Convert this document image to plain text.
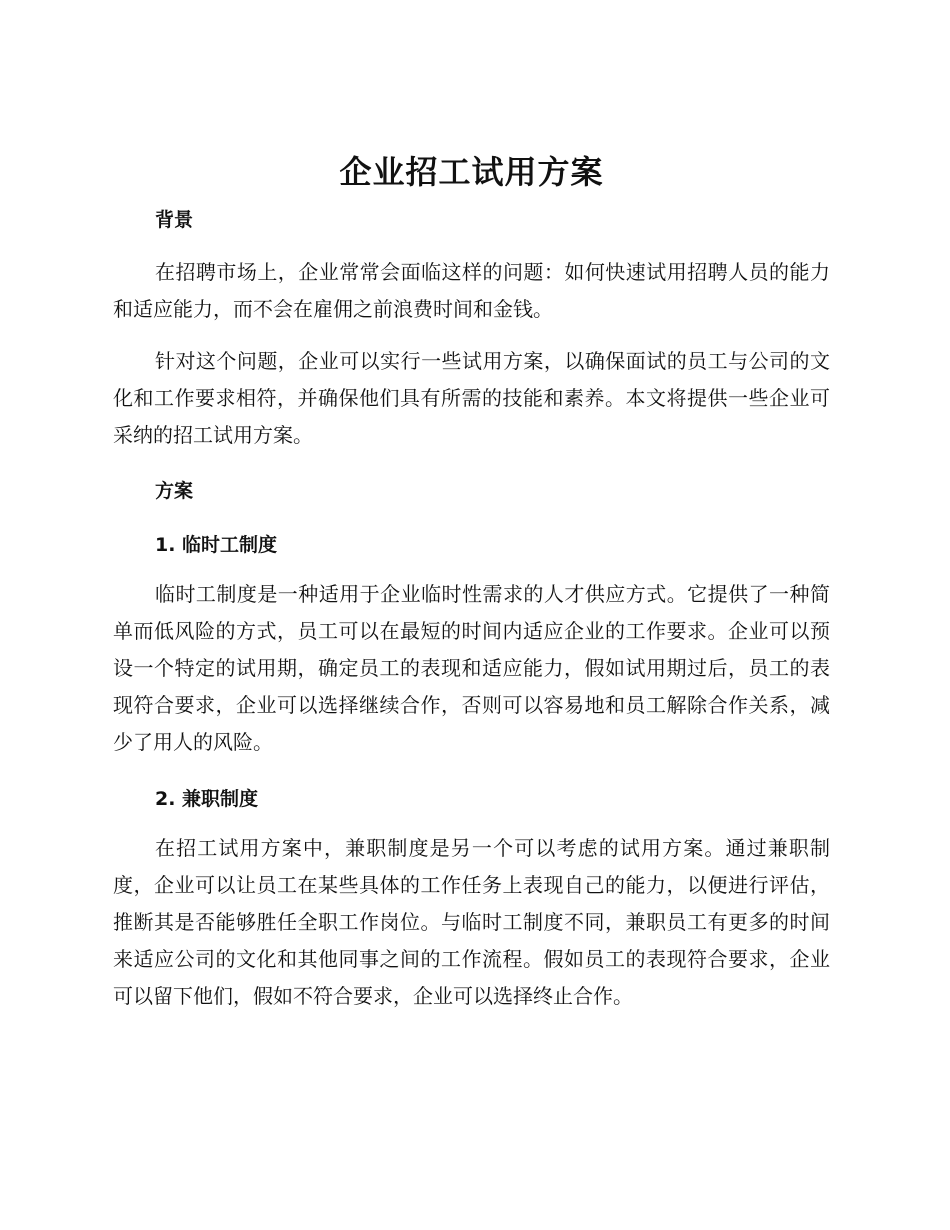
企业招工试用方案
背景

在招聘市场上，企业常常会面临这样的问题：如何快速试用招聘人员的能力和适应能力，而不会在雇佣之前浪费时间和金钱。

针对这个问题，企业可以实行一些试用方案，以确保面试的员工与公司的文化和工作要求相符，并确保他们具有所需的技能和素养。本文将提供一些企业可采纳的招工试用方案。

方案
1. 临时工制度

临时工制度是一种适用于企业临时性需求的人才供应方式。它提供了一种简单而低风险的方式，员工可以在最短的时间内适应企业的工作要求。企业可以预设一个特定的试用期，确定员工的表现和适应能力，假如试用期过后，员工的表现符合要求，企业可以选择继续合作，否则可以容易地和员工解除合作关系，减少了用人的风险。

2. 兼职制度

在招工试用方案中，兼职制度是另一个可以考虑的试用方案。通过兼职制度，企业可以让员工在某些具体的工作任务上表现自己的能力，以便进行评估，推断其是否能够胜任全职工作岗位。与临时工制度不同，兼职员工有更多的时间来适应公司的文化和其他同事之间的工作流程。假如员工的表现符合要求，企业可以留下他们，假如不符合要求，企业可以选择终止合作。
